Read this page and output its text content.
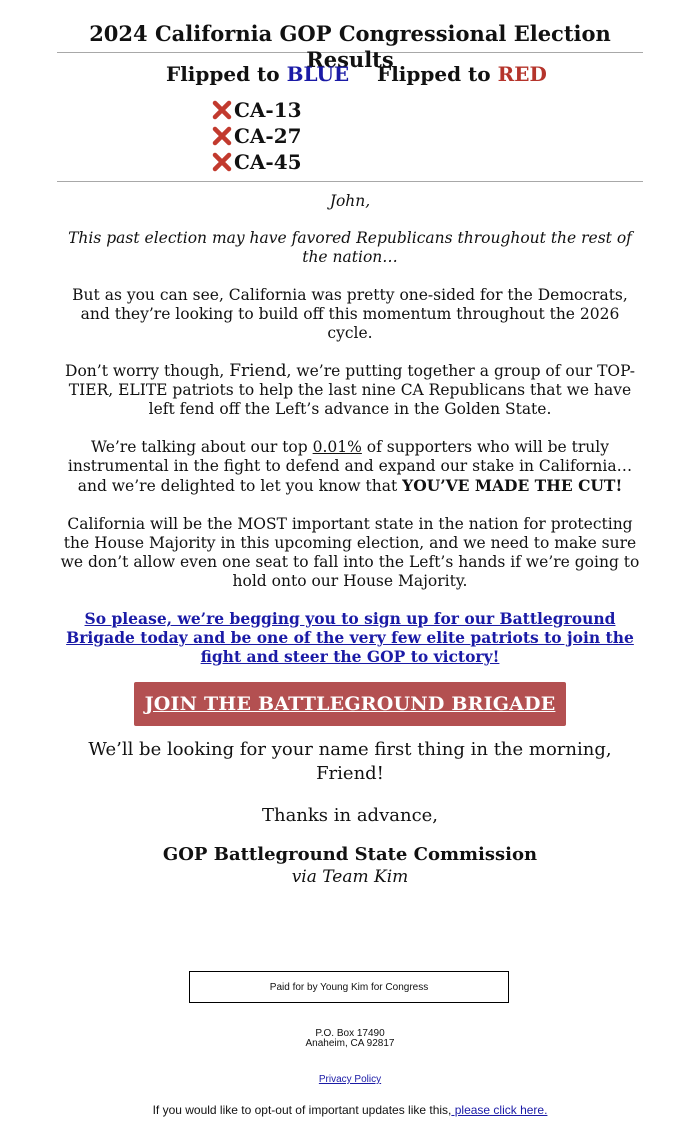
2024 California GOP Congressional Election Results
Flipped to BLUE Flipped to RED
CA-13
CA-27
CA-45

John,

This past election may have favored Republicans throughout the rest of the nation…

But as you can see, California was pretty one-sided for the Democrats, and they’re looking to build off this momentum throughout the 2026 cycle.

Don’t worry though, Friend, we’re putting together a group of our TOP-TIER, ELITE patriots to help the last nine CA Republicans that we have left fend off the Left’s advance in the Golden State.

We’re talking about our top 0.01% of supporters who will be truly instrumental in the fight to defend and expand our stake in California… and we’re delighted to let you know that YOU’VE MADE THE CUT!

California will be the MOST important state in the nation for protecting the House Majority in this upcoming election, and we need to make sure we don’t allow even one seat to fall into the Left’s hands if we’re going to hold onto our House Majority.

So please, we’re begging you to sign up for our Battleground Brigade today and be one of the very few elite patriots to join the fight and steer the GOP to victory!

JOIN THE BATTLEGROUND BRIGADE

We’ll be looking for your name first thing in the morning, Friend!

Thanks in advance,

GOP Battleground State Commission
via Team Kim
Paid for by Young Kim for Congress
P.O. Box 17490
Anaheim, CA 92817
Privacy Policy
If you would like to opt-out of important updates like this, please click here.
